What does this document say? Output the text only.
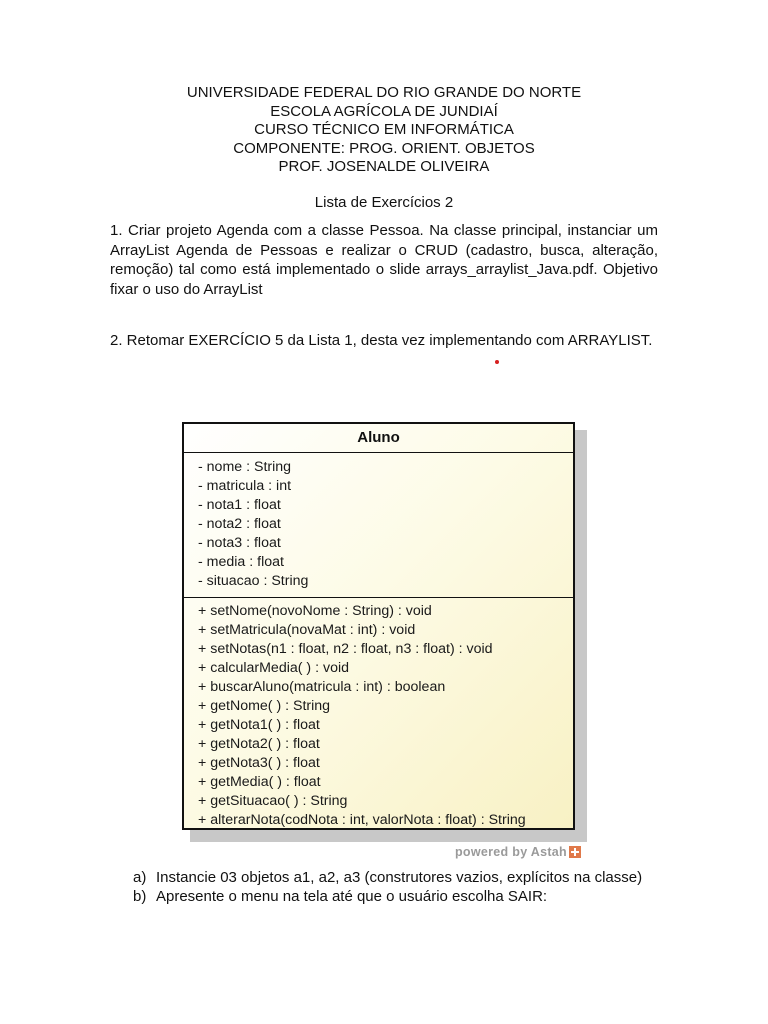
UNIVERSIDADE FEDERAL DO RIO GRANDE DO NORTE
ESCOLA AGRÍCOLA DE JUNDIAÍ
CURSO TÉCNICO EM INFORMÁTICA
COMPONENTE: PROG. ORIENT. OBJETOS
PROF. JOSENALDE OLIVEIRA
Lista de Exercícios 2
1. Criar projeto Agenda com a classe Pessoa. Na classe principal, instanciar um ArrayList Agenda de Pessoas e realizar o CRUD (cadastro, busca, alteração, remoção) tal como está implementado o slide arrays_arraylist_Java.pdf. Objetivo fixar o uso do ArrayList
2. Retomar EXERCÍCIO 5 da Lista 1, desta vez implementando com ARRAYLIST.
Aluno
- nome : String
- matricula : int
- nota1 : float
- nota2 : float
- nota3 : float
- media : float
- situacao : String
+ setNome(novoNome : String) : void
+ setMatricula(novaMat : int) : void
+ setNotas(n1 : float, n2 : float, n3 : float) : void
+ calcularMedia( ) : void
+ buscarAluno(matricula : int) : boolean
+ getNome( ) : String
+ getNota1( ) : float
+ getNota2( ) : float
+ getNota3( ) : float
+ getMedia( ) : float
+ getSituacao( ) : String
+ alterarNota(codNota : int, valorNota : float) : String
powered by Astah
a) Instancie 03 objetos a1, a2, a3 (construtores vazios, explícitos na classe)
b) Apresente o menu na tela até que o usuário escolha SAIR:
